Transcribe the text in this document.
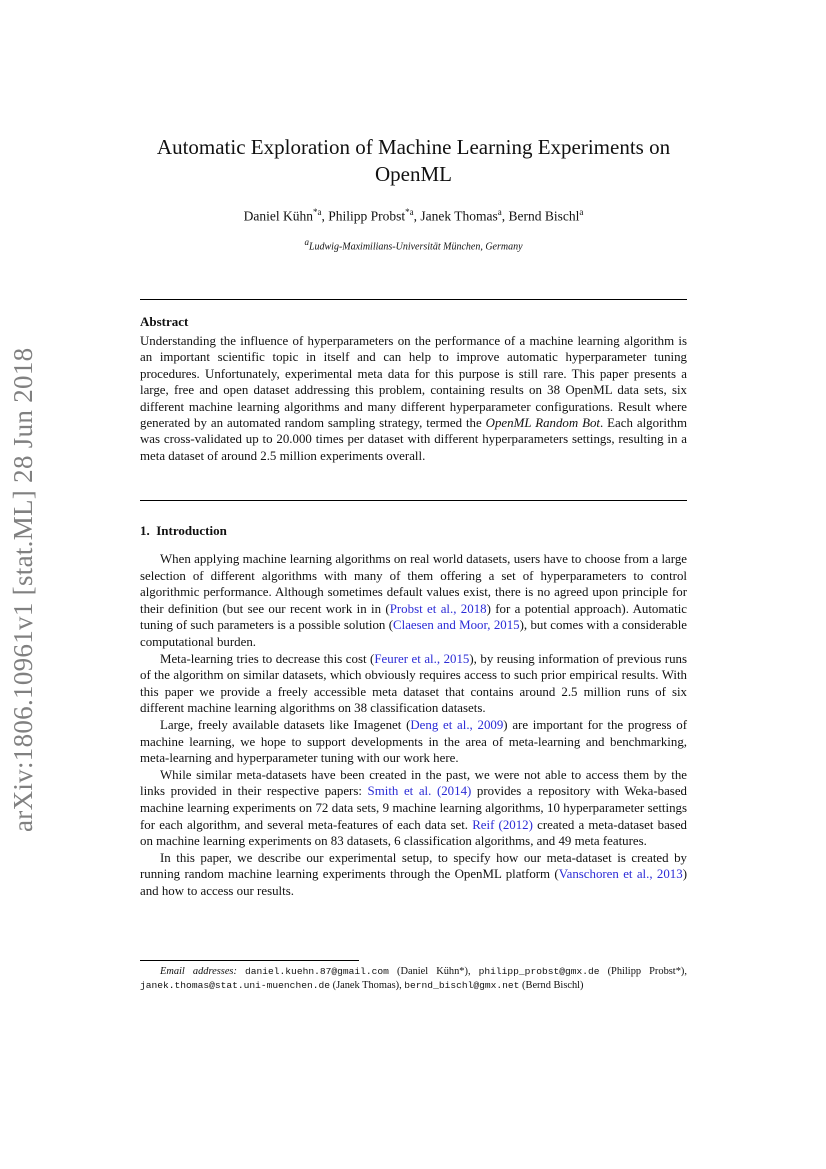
arXiv:1806.10961v1 [stat.ML] 28 Jun 2018
Automatic Exploration of Machine Learning Experiments on OpenML
Daniel Kühn$^{*a}$, Philipp Probst$^{*a}$, Janek Thomas$^a$, Bernd Bischl$^a$
$^a$Ludwig-Maximilians-Universität München, Germany
Abstract
Understanding the influence of hyperparameters on the performance of a machine learning algorithm is an important scientific topic in itself and can help to improve automatic hyperparameter tuning procedures. Unfortunately, experimental meta data for this purpose is still rare. This paper presents a large, free and open dataset addressing this problem, containing results on 38 OpenML data sets, six different machine learning algorithms and many different hyperparameter configurations. Result where generated by an automated random sampling strategy, termed the OpenML Random Bot. Each algorithm was cross-validated up to 20.000 times per dataset with different hyperparameters settings, resulting in a meta dataset of around 2.5 million experiments overall.
1. Introduction

When applying machine learning algorithms on real world datasets, users have to choose from a large selection of different algorithms with many of them offering a set of hyperparameters to control algorithmic performance. Although sometimes default values exist, there is no agreed upon principle for their definition (but see our recent work in in (Probst et al., 2018) for a potential approach). Automatic tuning of such parameters is a possible solution (Claesen and Moor, 2015), but comes with a considerable computational burden.

Meta-learning tries to decrease this cost (Feurer et al., 2015), by reusing information of previous runs of the algorithm on similar datasets, which obviously requires access to such prior empirical results. With this paper we provide a freely accessible meta dataset that contains around 2.5 million runs of six different machine learning algorithms on 38 classification datasets.

Large, freely available datasets like Imagenet (Deng et al., 2009) are important for the progress of machine learning, we hope to support developments in the area of meta-learning and benchmarking, meta-learning and hyperparameter tuning with our work here.

While similar meta-datasets have been created in the past, we were not able to access them by the links provided in their respective papers: Smith et al. (2014) provides a repository with Weka-based machine learning experiments on 72 data sets, 9 machine learning algorithms, 10 hyperparameter settings for each algorithm, and several meta-features of each data set. Reif (2012) created a meta-dataset based on machine learning experiments on 83 datasets, 6 classification algorithms, and 49 meta features.

In this paper, we describe our experimental setup, to specify how our meta-dataset is created by running random machine learning experiments through the OpenML platform (Vanschoren et al., 2013) and how to access our results.

Email addresses: daniel.kuehn.87@gmail.com (Daniel Kühn*), philipp_probst@gmx.de (Philipp Probst*), janek.thomas@stat.uni-muenchen.de (Janek Thomas), bernd_bischl@gmx.net (Bernd Bischl)
